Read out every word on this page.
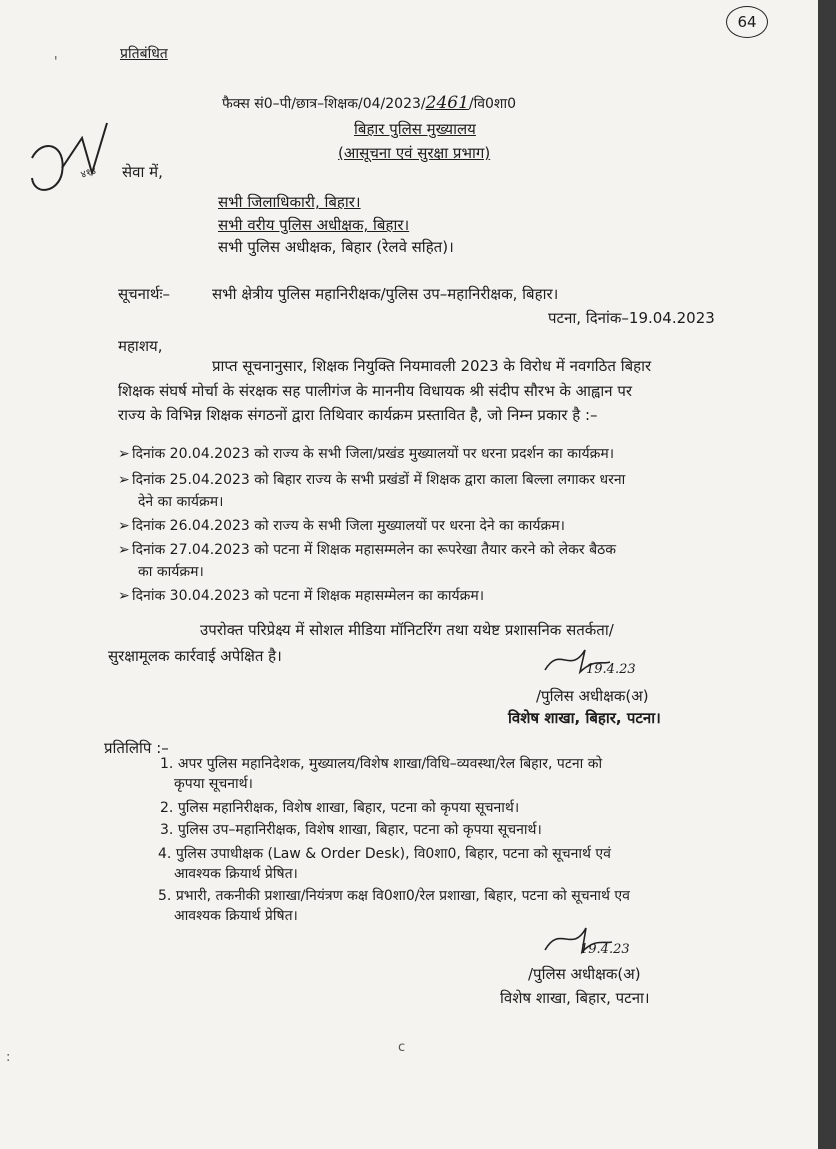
64
प्रतिबंधित
'
फैक्स सं0–पी/छात्र–शिक्षक/04/2023/2461/वि0शा0
बिहार पुलिस मुख्यालय
(आसूचना एवं सुरक्षा प्रभाग)
४१४ सेवा में,
सभी जिलाधिकारी, बिहार।
सभी वरीय पुलिस अधीक्षक, बिहार।
सभी पुलिस अधीक्षक, बिहार (रेलवे सहित)।
सूचनार्थः–	सभी क्षेत्रीय पुलिस महानिरीक्षक/पुलिस उप–महानिरीक्षक, बिहार।
पटना, दिनांक–19.04.2023
महाशय,
प्राप्त सूचनानुसार, शिक्षक नियुक्ति नियमावली 2023 के विरोध में नवगठित बिहार
शिक्षक संघर्ष मोर्चा के संरक्षक सह पालीगंज के माननीय विधायक श्री संदीप सौरभ के आह्वान पर
राज्य के विभिन्न शिक्षक संगठनों द्वारा तिथिवार कार्यक्रम प्रस्तावित है, जो निम्न प्रकार है :–
➢ दिनांक 20.04.2023 को राज्य के सभी जिला/प्रखंड मुख्यालयों पर धरना प्रदर्शन का कार्यक्रम।
➢ दिनांक 25.04.2023 को बिहार राज्य के सभी प्रखंडों में शिक्षक द्वारा काला बिल्ला लगाकर धरना
देने का कार्यक्रम।
➢ दिनांक 26.04.2023 को राज्य के सभी जिला मुख्यालयों पर धरना देने का कार्यक्रम।
➢ दिनांक 27.04.2023 को पटना में शिक्षक महासम्मलेन का रूपरेखा तैयार करने को लेकर बैठक
का कार्यक्रम।
➢ दिनांक 30.04.2023 को पटना में शिक्षक महासम्मेलन का कार्यक्रम।
उपरोक्त परिप्रेक्ष्य में सोशल मीडिया मॉनिटरिंग तथा यथेष्ट प्रशासनिक सतर्कता/
सुरक्षामूलक कार्रवाई अपेक्षित है।
19.4.23
/पुलिस अधीक्षक(अ)
विशेष शाखा, बिहार, पटना।
प्रतिलिपि :–
1. अपर पुलिस महानिदेशक, मुख्यालय/विशेष शाखा/विधि–व्यवस्था/रेल बिहार, पटना को
कृपया सूचनार्थ।
2. पुलिस महानिरीक्षक, विशेष शाखा, बिहार, पटना को कृपया सूचनार्थ।
3. पुलिस उप–महानिरीक्षक, विशेष शाखा, बिहार, पटना को कृपया सूचनार्थ।
4. पुलिस उपाधीक्षक (Law & Order Desk), वि0शा0, बिहार, पटना को सूचनार्थ एवं
आवश्यक क्रियार्थ प्रेषित।
5. प्रभारी, तकनीकी प्रशाखा/नियंत्रण कक्ष वि0शा0/रेल प्रशाखा, बिहार, पटना को सूचनार्थ एव
आवश्यक क्रियार्थ प्रेषित।
19.4.23
/पुलिस अधीक्षक(अ)
विशेष शाखा, बिहार, पटना।
c
:
